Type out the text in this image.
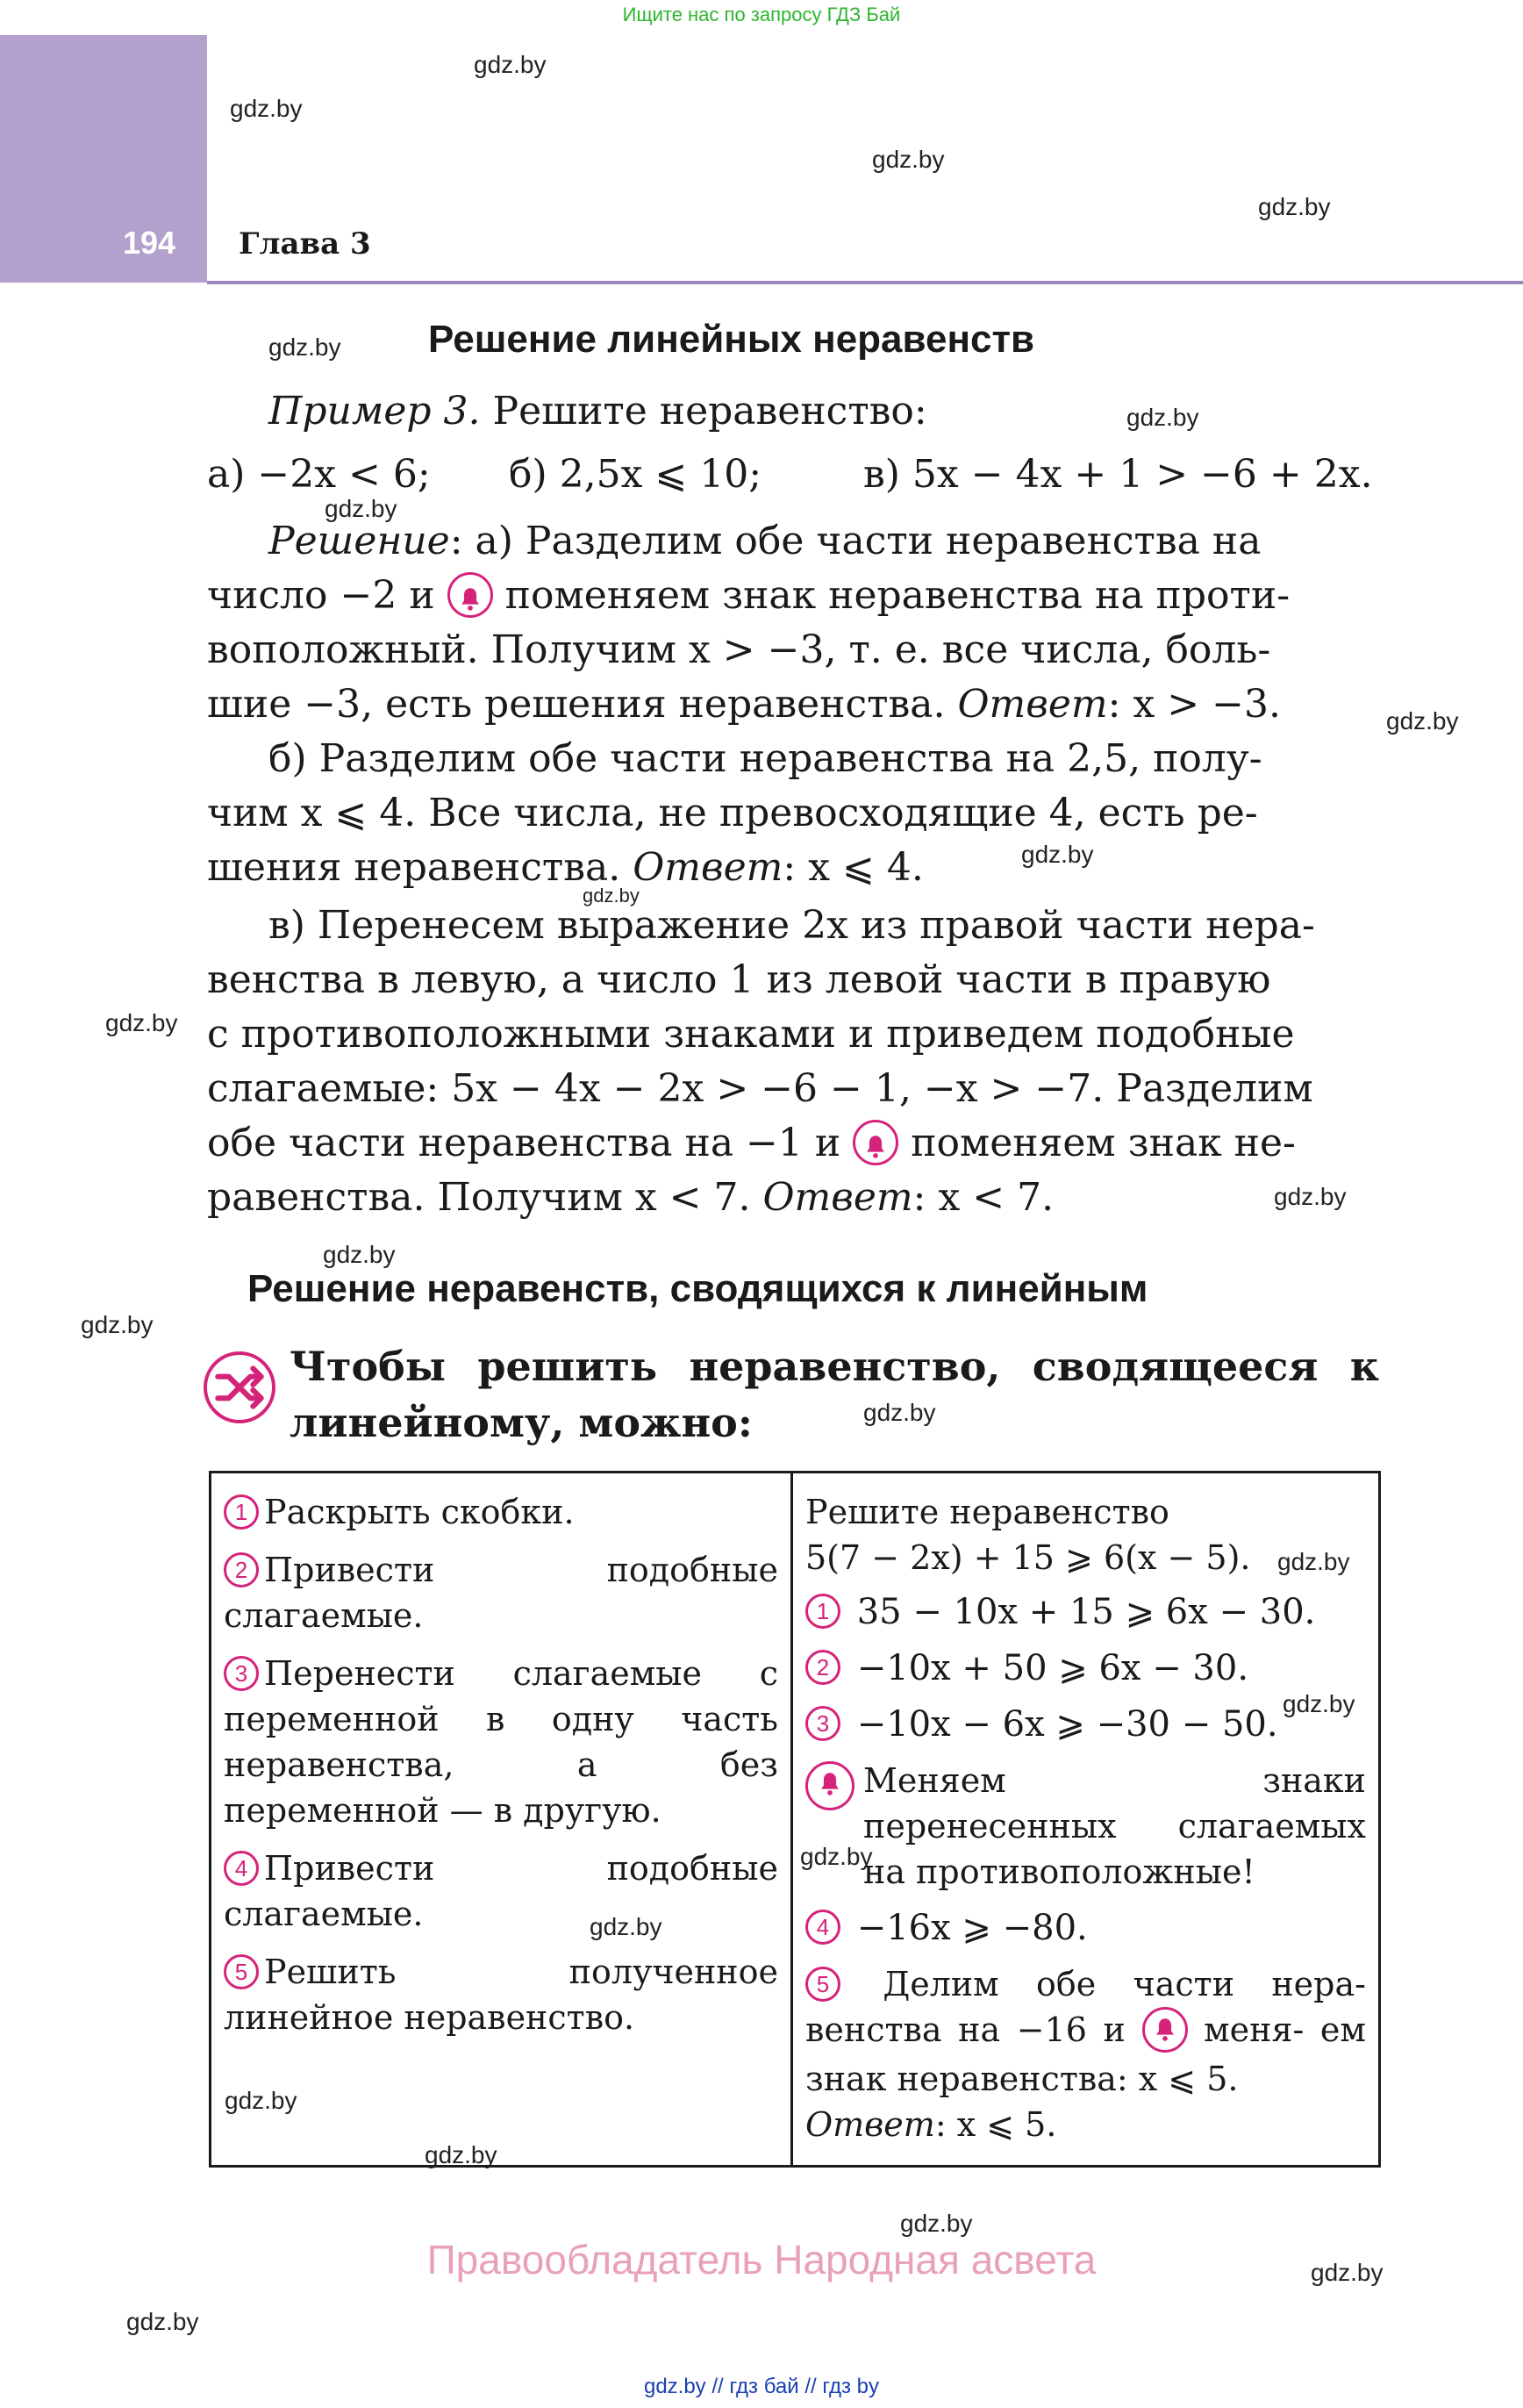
Ищите нас по запросу ГДЗ Бай
194 Глава 3
gdz.by
gdz.by
gdz.by
gdz.by
gdz.by
gdz.by
gdz.by
gdz.by
gdz.by
gdz.by
gdz.by
gdz.by
gdz.by
gdz.by
gdz.by
gdz.by
gdz.by
gdz.by
gdz.by
gdz.by
gdz.by
gdz.by
gdz.by
gdz.by
Решение линейных неравенств
Пример 3. Решите неравенство:
а) −2x < 6; б) 2,5x ⩽ 10;	в) 5x − 4x + 1 > −6 + 2x.
Решение: а) Разделим обе части неравенства на
число −2 и поменяем знак неравенства на проти-
воположный. Получим x > −3, т. е. все числа, боль-
шие −3, есть решения неравенства. Ответ: x > −3.
б) Разделим обе части неравенства на 2,5, полу-
чим x ⩽ 4. Все числа, не превосходящие 4, есть ре-
шения неравенства. Ответ: x ⩽ 4.
в) Перенесем выражение 2x из правой части нера-
венства в левую, а число 1 из левой части в правую
с противоположными знаками и приведем подобные
слагаемые: 5x − 4x − 2x > −6 − 1, −x > −7. Разделим
обе части неравенства на −1 и поменяем знак не-
равенства. Получим x < 7. Ответ: x < 7.
Решение неравенств, сводящихся к линейным
Чтобы решить неравенство, сводящееся к
линейному, можно:
1 Раскрыть скобки.
2 Привести подобные слагаемые.
3 Перенести слагаемые с переменной в одну часть неравенства, а без переменной — в другую.
4 Привести подобные слагаемые.
5 Решить полученное линейное неравенство.

Решите неравенство
5(7 − 2x) + 15 ⩾ 6(x − 5).
1 35 − 10x + 15 ⩾ 6x − 30.
2 −10x + 50 ⩾ 6x − 30.
3 −10x − 6x ⩾ −30 − 50.
Меняем знаки перенесенных слагаемых на противоположные!
4 −16x ⩾ −80.
5 Делим обе части нера- венства на −16 и меня- ем знак неравенства: x ⩽ 5.
Ответ: x ⩽ 5.
Правообладатель Народная асвета
gdz.by // гдз бай // гдз by
